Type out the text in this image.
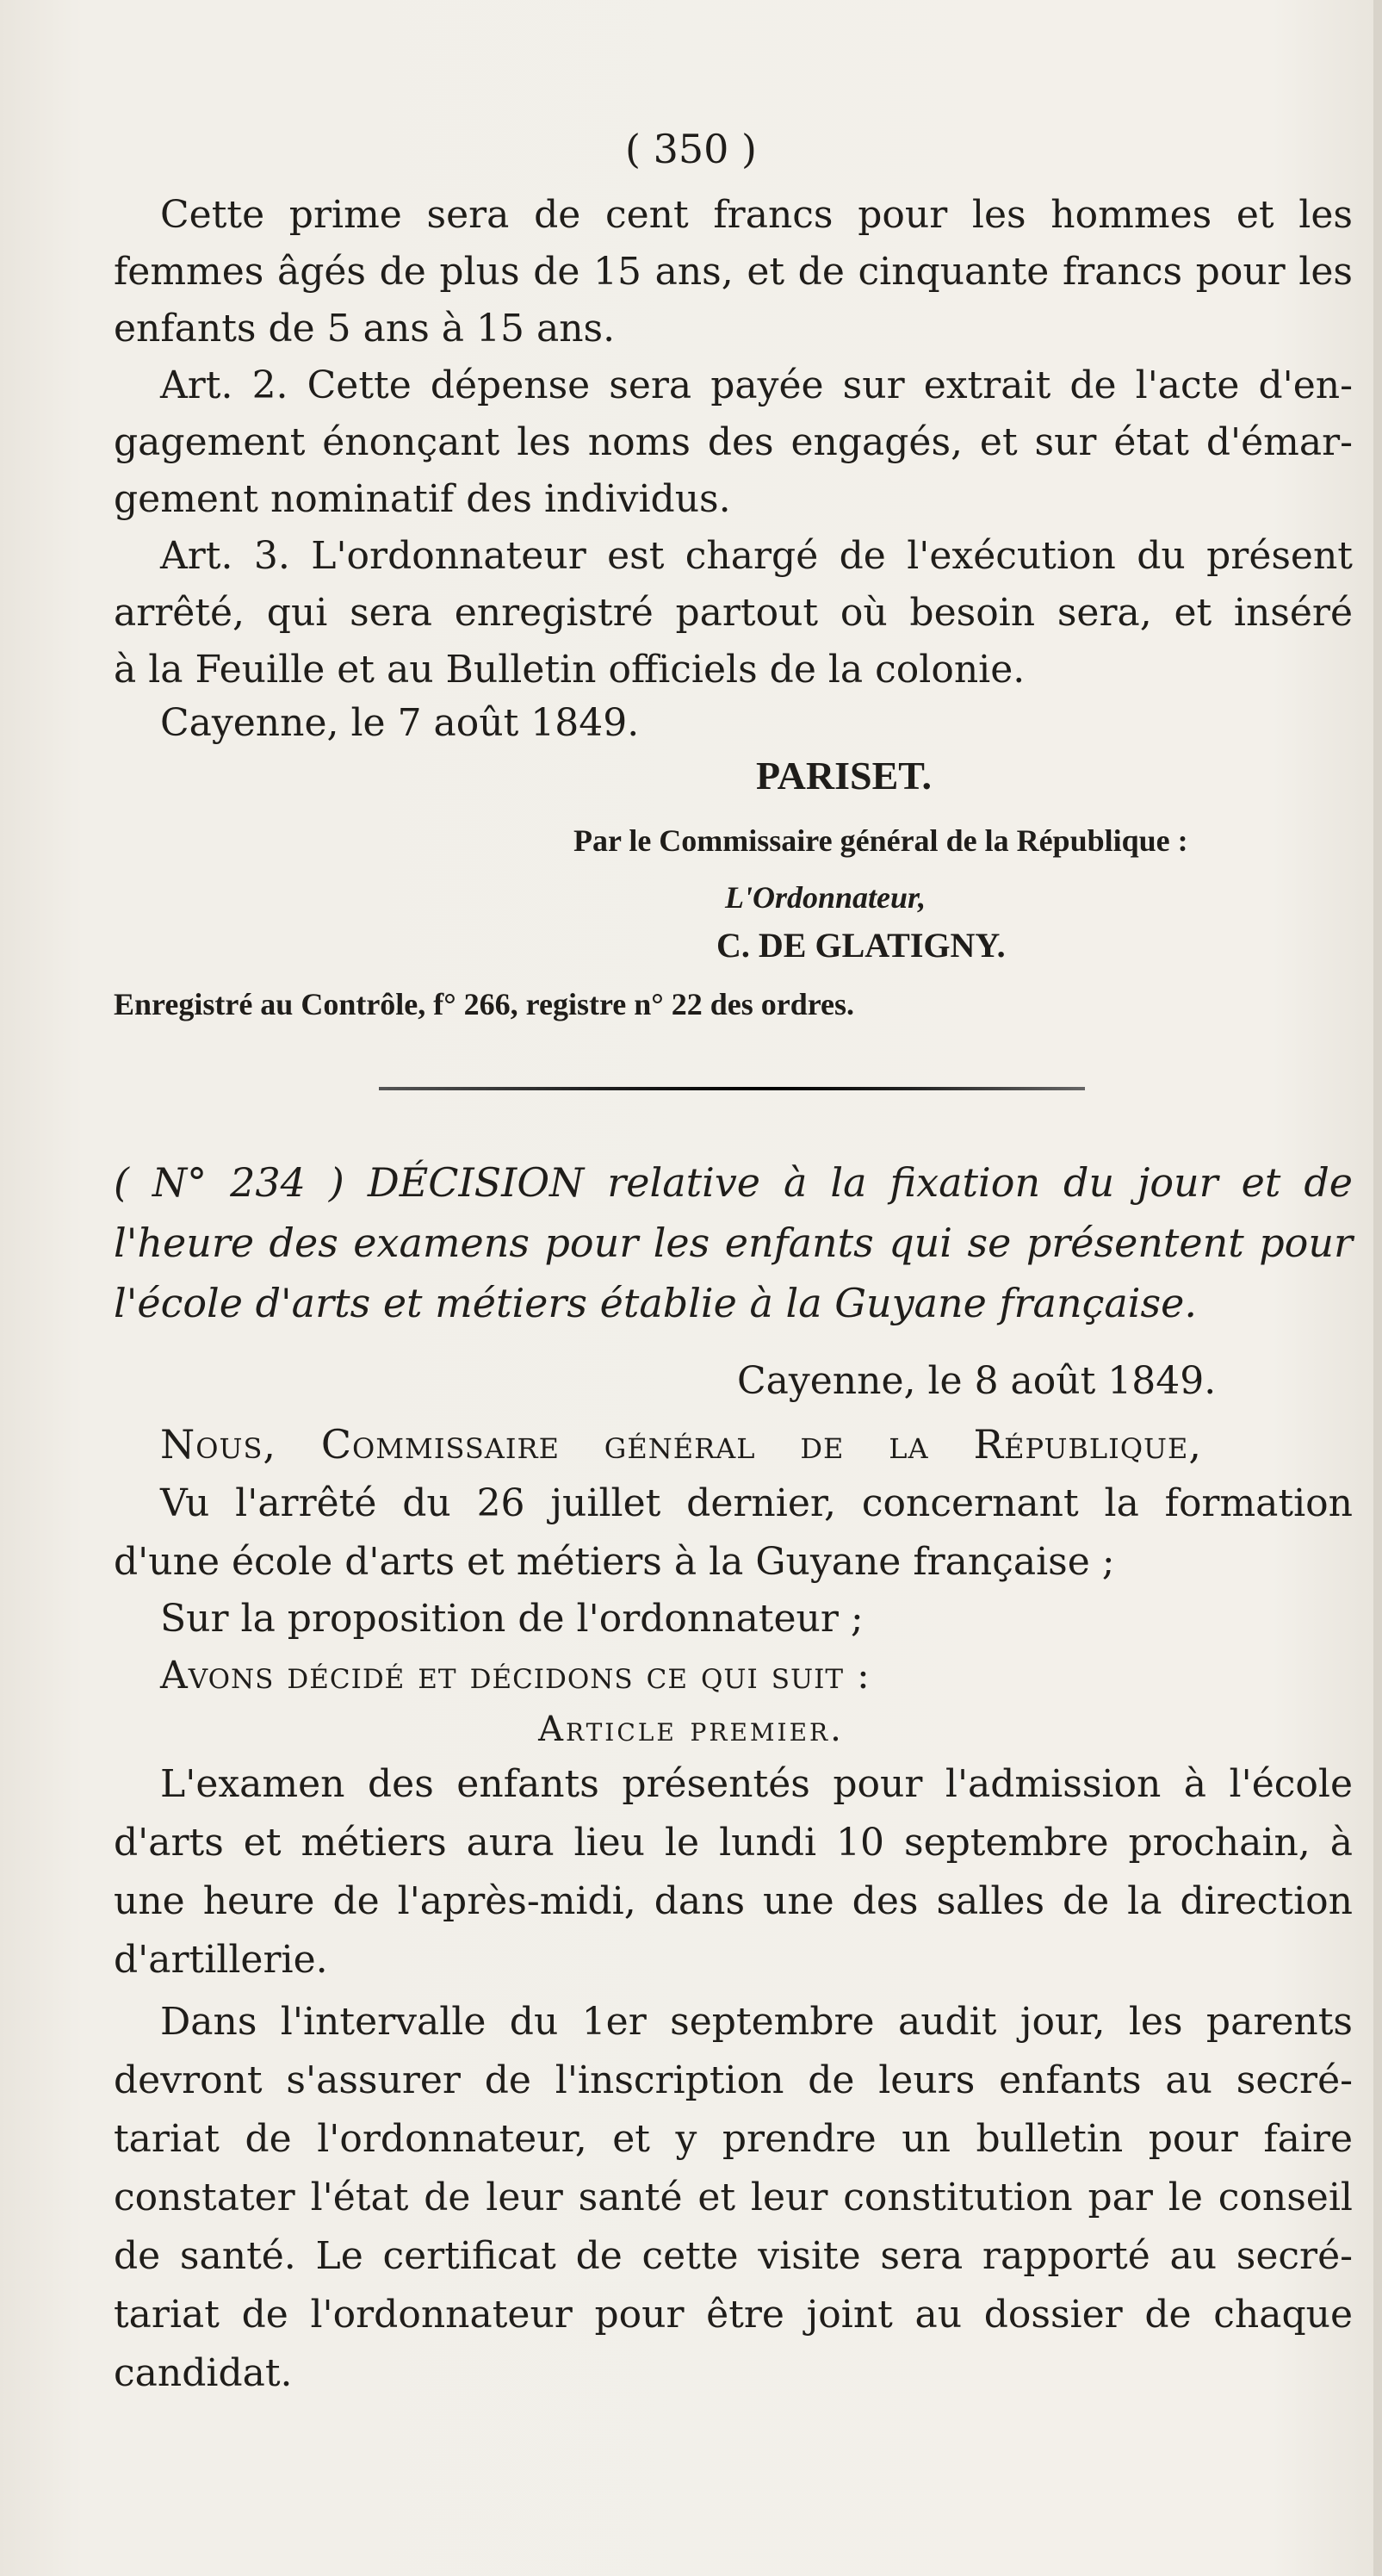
( 350 )
Cette prime sera de cent francs pour les hommes et les
femmes âgés de plus de 15 ans, et de cinquante francs pour les
enfants de 5 ans à 15 ans.
Art. 2. Cette dépense sera payée sur extrait de l'acte d'en-
gagement énonçant les noms des engagés, et sur état d'émar-
gement nominatif des individus.
Art. 3. L'ordonnateur est chargé de l'exécution du présent
arrêté, qui sera enregistré partout où besoin sera, et inséré
à la Feuille et au Bulletin officiels de la colonie.
Cayenne, le 7 août 1849.
PARISET.
Par le Commissaire général de la République :
L'Ordonnateur,
C. DE GLATIGNY.
Enregistré au Contrôle, f° 266, registre n° 22 des ordres.
( N° 234 ) DÉCISION relative à la fixation du jour et de
l'heure des examens pour les enfants qui se présentent pour
l'école d'arts et métiers établie à la Guyane française.
Cayenne, le 8 août 1849.
Nous, Commissaire général de la République,
Vu l'arrêté du 26 juillet dernier, concernant la formation
d'une école d'arts et métiers à la Guyane française ;
Sur la proposition de l'ordonnateur ;
Avons décidé et décidons ce qui suit :
Article premier.
L'examen des enfants présentés pour l'admission à l'école
d'arts et métiers aura lieu le lundi 10 septembre prochain, à
une heure de l'après-midi, dans une des salles de la direction
d'artillerie.
Dans l'intervalle du 1er septembre audit jour, les parents
devront s'assurer de l'inscription de leurs enfants au secré-
tariat de l'ordonnateur, et y prendre un bulletin pour faire
constater l'état de leur santé et leur constitution par le conseil
de santé. Le certificat de cette visite sera rapporté au secré-
tariat de l'ordonnateur pour être joint au dossier de chaque
candidat.
